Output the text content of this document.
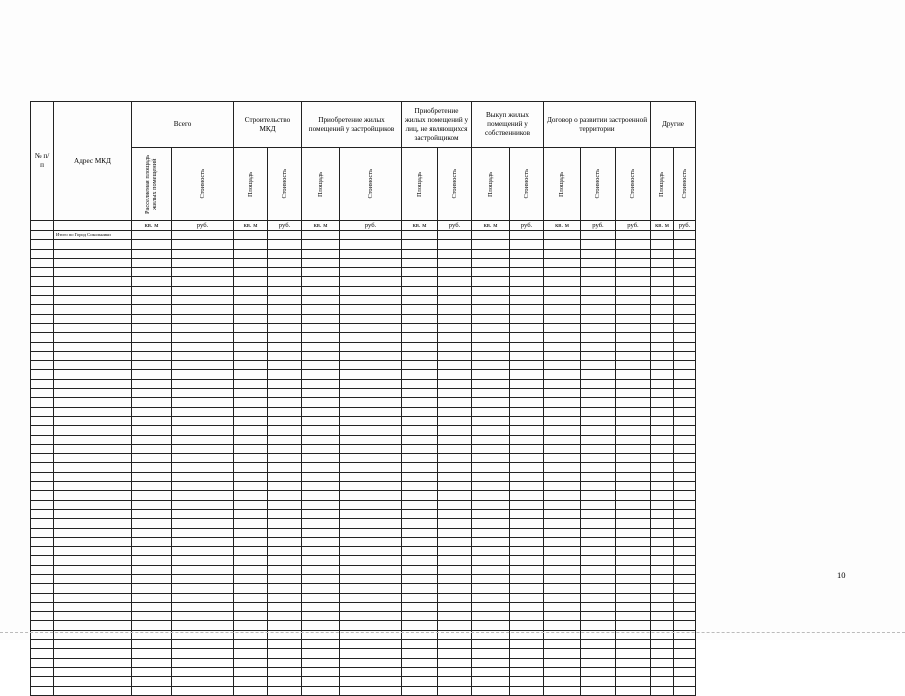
№ п/п	Адрес МКД	Всего		Строительство МКД		Приобретение жилых помещений у застройщиков		Приобретение жилых помещений у лиц, не являющихся застройщиком		Выкуп жилых помещений у собственников		Договор о развитии застроенной территории			Другие	

		Расселяемая площадь жилых помещений	Стоимость	Площадь	Стоимость	Площадь	Стоимость	Площадь	Стоимость	Площадь	Стоимость	Площадь	Стоимость	Стоимость	Площадь	Стоимость

		кв. м	руб.	кв. м	руб.	кв. м	руб.	кв. м	руб.	кв. м	руб.	кв. м	руб.	руб.	кв. м	руб.
	Итого по Город Сокольники															

10
